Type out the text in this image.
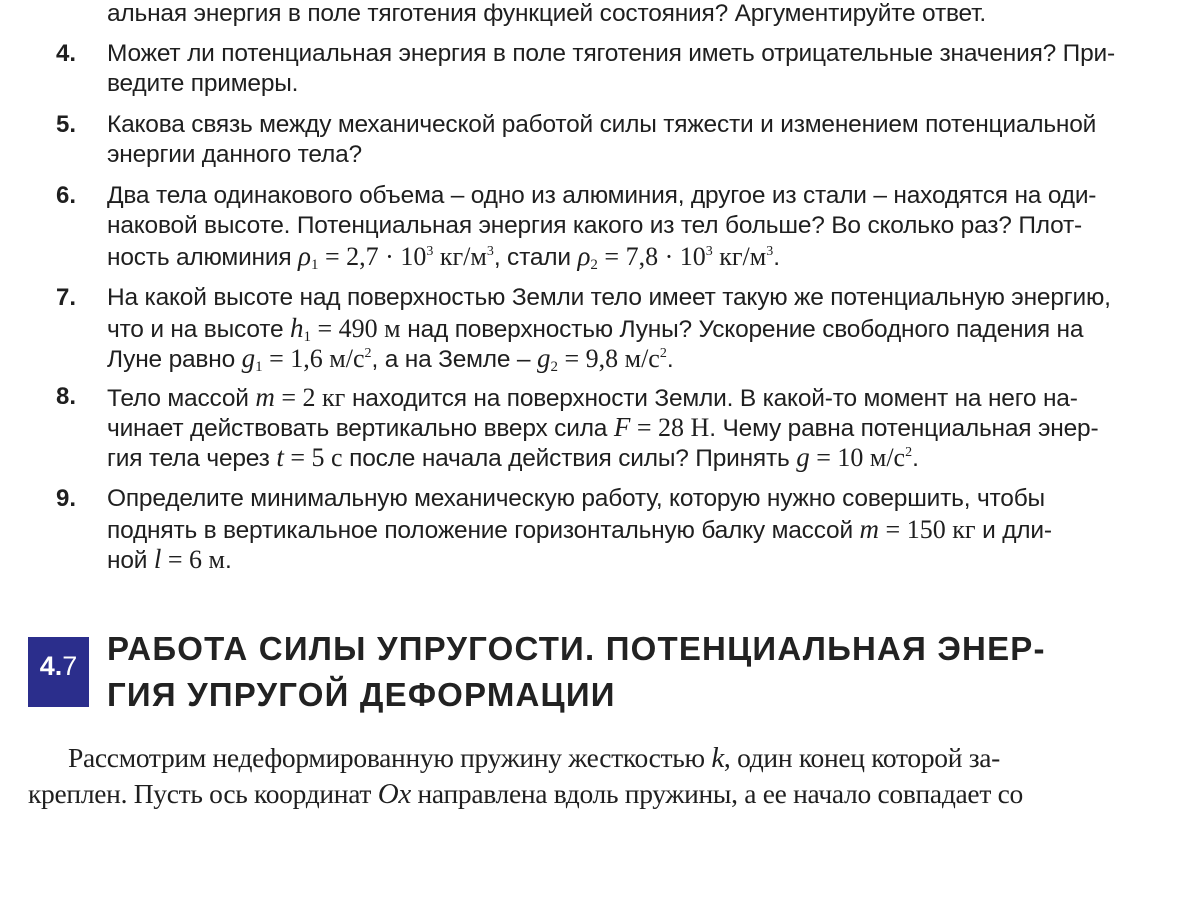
альная энергия в поле тяготения функцией состояния? Аргументируйте ответ.
4. Может ли потенциальная энергия в поле тяготения иметь отрицательные значения? При-
ведите примеры.
5. Какова связь между механической работой силы тяжести и изменением потенциальной
энергии данного тела?
6. Два тела одинакового объема – одно из алюминия, другое из стали – находятся на оди-
наковой высоте. Потенциальная энергия какого из тел больше? Во сколько раз? Плот-
ность алюминия $\rho_1 = 2,7 \cdot 10^3$ $кг/м^3$, стали $\rho_2 = 7,8 \cdot 10^3$ $кг/м^3$.
7. На какой высоте над поверхностью Земли тело имеет такую же потенциальную энергию,
что и на высоте $h_1 = 490$ м над поверхностью Луны? Ускорение свободного падения на
Луне равно $g_1 = 1,6$ $м/с^2$, а на Земле – $g_2 = 9,8$ $м/с^2$.
8. Тело массой m = 2 кг находится на поверхности Земли. В какой-то момент на него на-
чинает действовать вертикально вверх сила F = 28 Н. Чему равна потенциальная энер-
гия тела через t = 5 с после начала действия силы? Принять g = 10 $м/с^2$.
9. Определите минимальную механическую работу, которую нужно совершить, чтобы
поднять в вертикальное положение горизонтальную балку массой m = 150 кг и дли-
ной l = 6 м.
4.7 РАБОТА СИЛЫ УПРУГОСТИ. ПОТЕНЦИАЛЬНАЯ ЭНЕР-
ГИЯ УПРУГОЙ ДЕФОРМАЦИИ
Рассмотрим недеформированную пружину жесткостью k, один конец которой за-
креплен. Пусть ось координат Ox направлена вдоль пружины, а ее начало совпадает со
